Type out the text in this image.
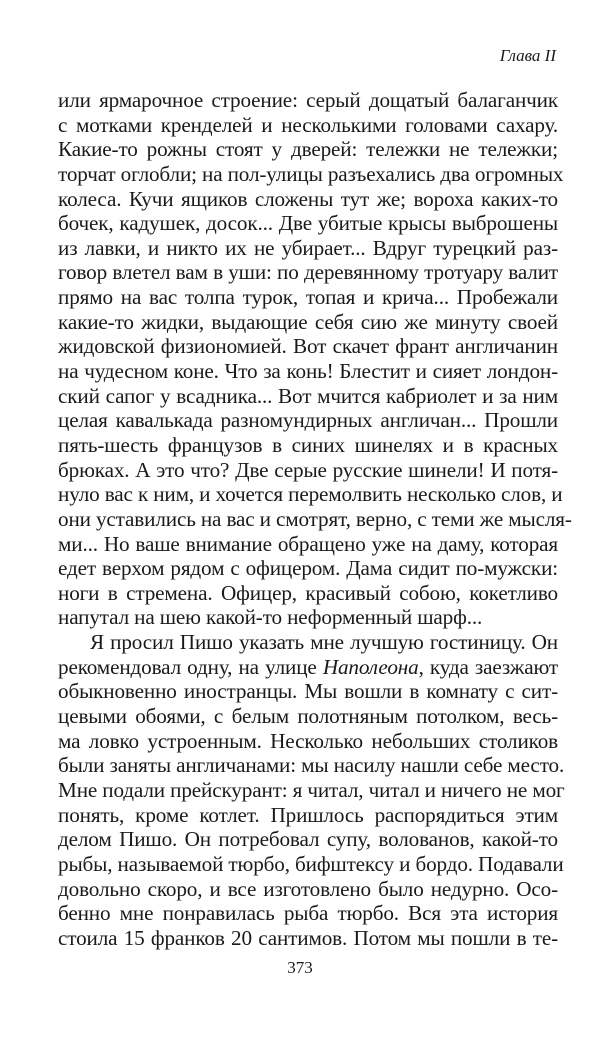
Глава II
или ярмарочное строение: серый дощатый балаганчик
с мотками кренделей и несколькими головами сахару.
Какие-то рожны стоят у дверей: тележки не тележки;
торчат оглобли; на пол-улицы разъехались два огромных
колеса. Кучи ящиков сложены тут же; вороха каких-то
бочек, кадушек, досок... Две убитые крысы выброшены
из лавки, и никто их не убирает... Вдруг турецкий раз-
говор влетел вам в уши: по деревянному тротуару валит
прямо на вас толпа турок, топая и крича... Пробежали
какие-то жидки, выдающие себя сию же минуту своей
жидовской физиономией. Вот скачет франт англичанин
на чудесном коне. Что за конь! Блестит и сияет лондон-
ский сапог у всадника... Вот мчится кабриолет и за ним
целая кавалькада разномундирных англичан... Прошли
пять-шесть французов в синих шинелях и в красных
брюках. А это что? Две серые русские шинели! И потя-
нуло вас к ним, и хочется перемолвить несколько слов, и
они уставились на вас и смотрят, верно, с теми же мысля-
ми... Но ваше внимание обращено уже на даму, которая
едет верхом рядом с офицером. Дама сидит по-мужски:
ноги в стремена. Офицер, красивый собою, кокетливо
напутал на шею какой-то неформенный шарф...
Я просил Пишо указать мне лучшую гостиницу. Он
рекомендовал одну, на улице Наполеона, куда заезжают
обыкновенно иностранцы. Мы вошли в комнату с сит-
цевыми обоями, с белым полотняным потолком, весь-
ма ловко устроенным. Несколько небольших столиков
были заняты англичанами: мы насилу нашли себе место.
Мне подали прейскурант: я читал, читал и ничего не мог
понять, кроме котлет. Пришлось распорядиться этим
делом Пишо. Он потребовал супу, волованов, какой-то
рыбы, называемой тюрбо, бифштексу и бордо. Подавали
довольно скоро, и все изготовлено было недурно. Осо-
бенно мне понравилась рыба тюрбо. Вся эта история
стоила 15 франков 20 сантимов. Потом мы пошли в те-
373
